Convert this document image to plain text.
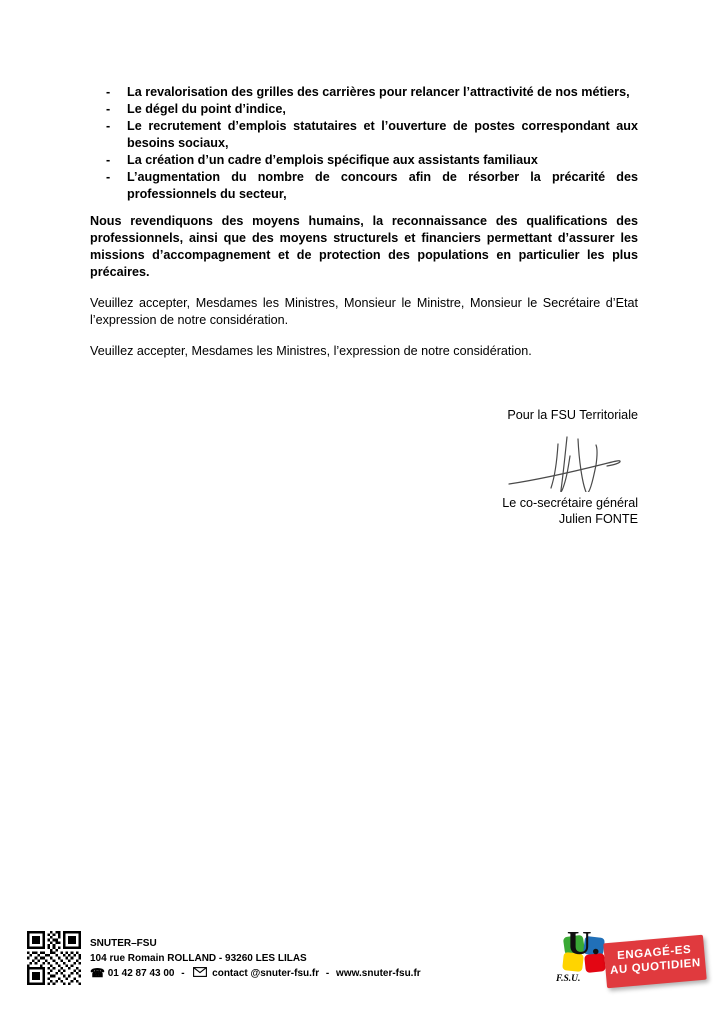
- La revalorisation des grilles des carrières pour relancer l’attractivité de nos métiers,
- Le dégel du point d’indice,
- Le recrutement d’emplois statutaires et l’ouverture de postes correspondant aux besoins sociaux,
- La création d’un cadre d’emplois spécifique aux assistants familiaux
- L’augmentation du nombre de concours afin de résorber la précarité des professionnels du secteur,

Nous revendiquons des moyens humains, la reconnaissance des qualifications des professionnels, ainsi que des moyens structurels et financiers permettant d’assurer les missions d’accompagnement et de protection des populations en particulier les plus précaires.

Veuillez accepter, Mesdames les Ministres, Monsieur le Ministre, Monsieur le Secrétaire d’Etat l’expression de notre considération.

Veuillez accepter, Mesdames les Ministres, l’expression de notre considération.

Pour la FSU Territoriale
Le co-secrétaire général
Julien FONTE
SNUTER–FSU
104 rue Romain ROLLAND - 93260 LES LILAS
☎ 01 42 87 43 00 -	contact @snuter-fsu.fr - www.snuter-fsu.fr
U.
F.S.U.
ENGAGÉ-ES
AU QUOTIDIEN
